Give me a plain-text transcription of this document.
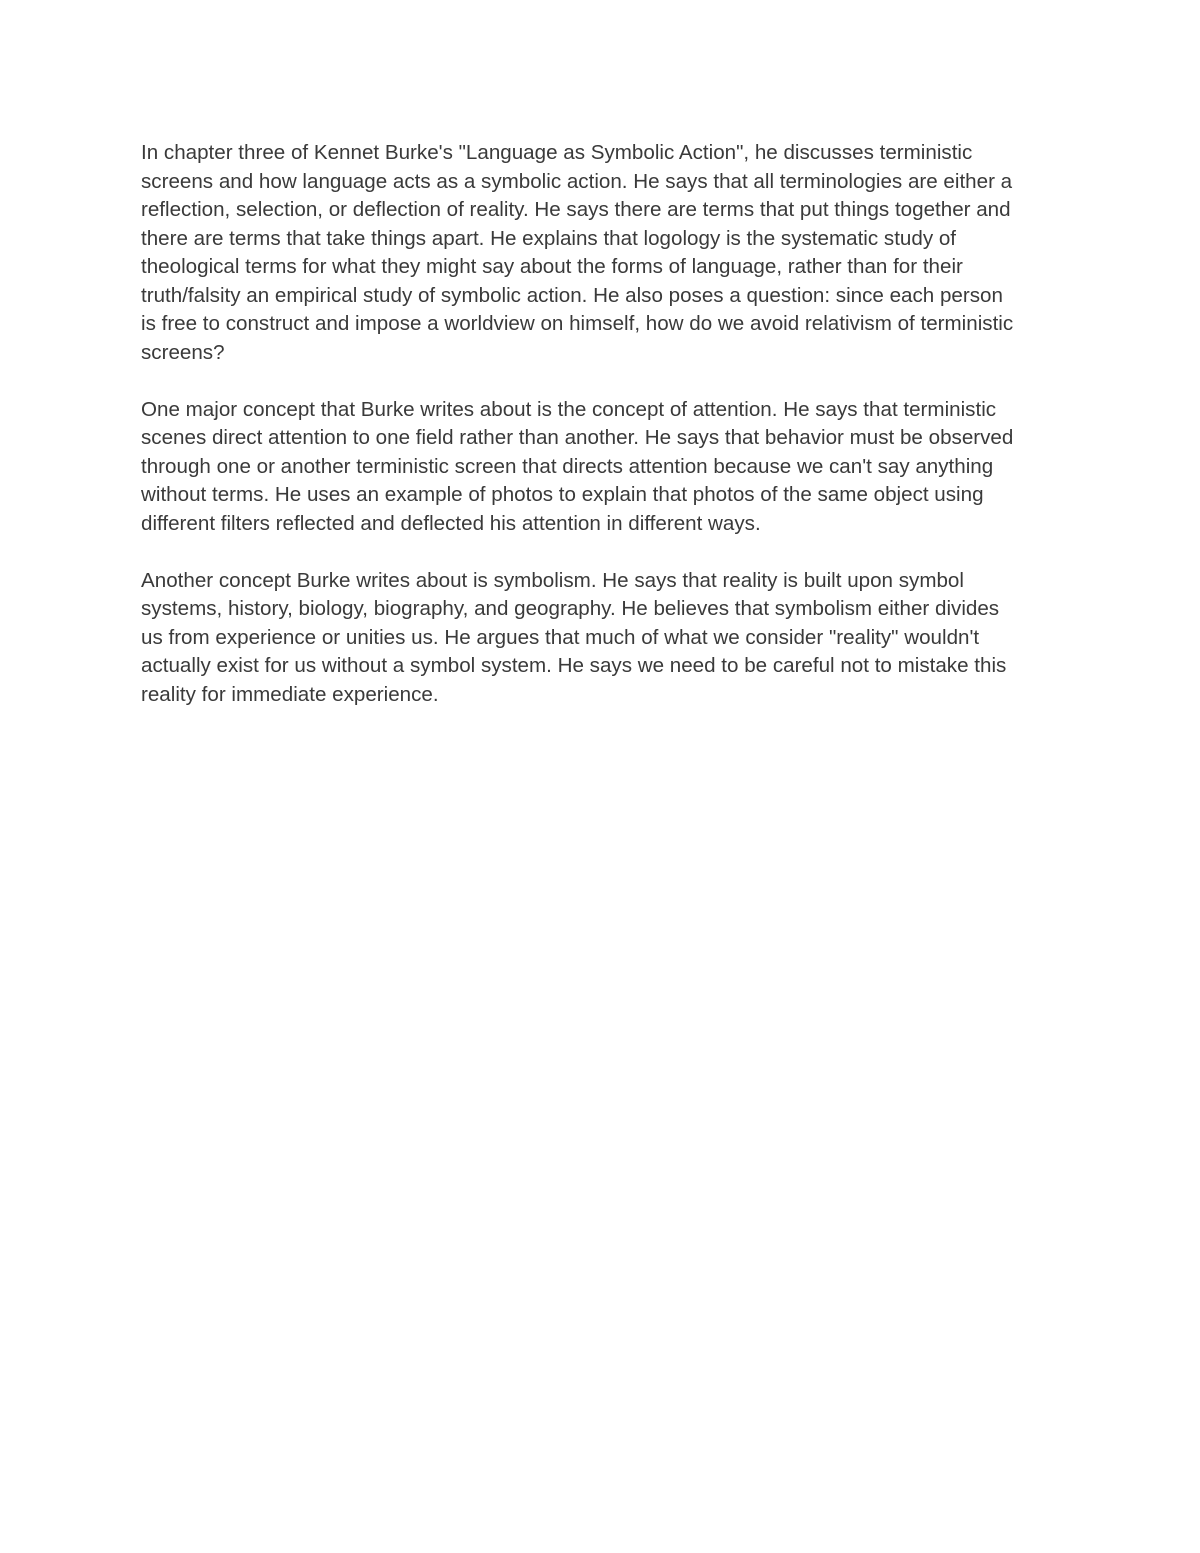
In chapter three of Kennet Burke's "Language as Symbolic Action", he discusses terministic
screens and how language acts as a symbolic action. He says that all terminologies are either a
reflection, selection, or deflection of reality. He says there are terms that put things together and
there are terms that take things apart. He explains that logology is the systematic study of
theological terms for what they might say about the forms of language, rather than for their
truth/falsity an empirical study of symbolic action. He also poses a question: since each person
is free to construct and impose a worldview on himself, how do we avoid relativism of terministic
screens?
One major concept that Burke writes about is the concept of attention. He says that terministic
scenes direct attention to one field rather than another. He says that behavior must be observed
through one or another terministic screen that directs attention because we can't say anything
without terms. He uses an example of photos to explain that photos of the same object using
different filters reflected and deflected his attention in different ways.
Another concept Burke writes about is symbolism. He says that reality is built upon symbol
systems, history, biology, biography, and geography. He believes that symbolism either divides
us from experience or unities us. He argues that much of what we consider "reality" wouldn't
actually exist for us without a symbol system. He says we need to be careful not to mistake this
reality for immediate experience.
